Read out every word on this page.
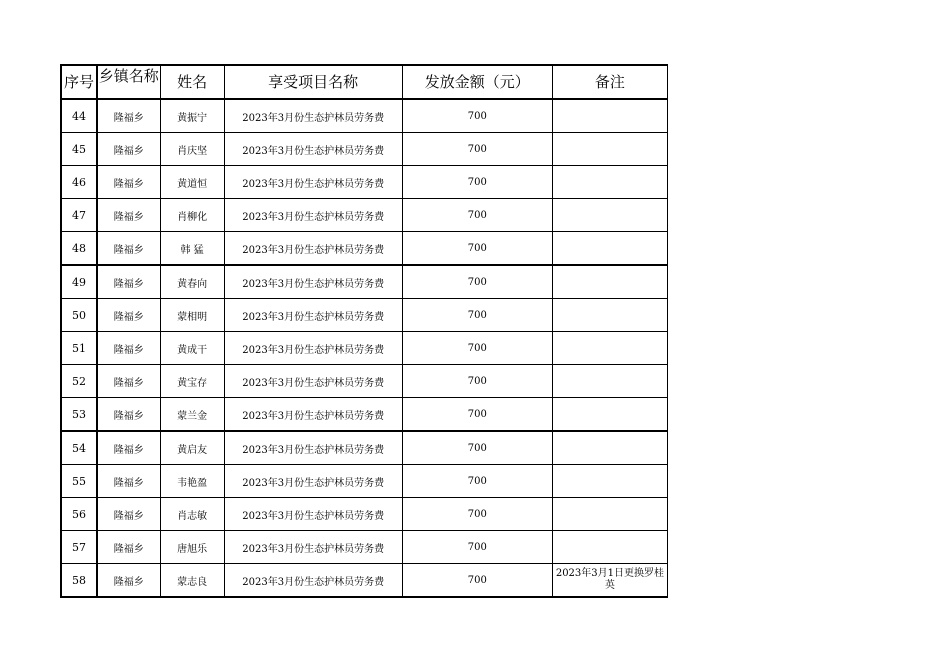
序号	乡镇名称	姓名	享受项目名称	发放金额（元）	备注
44	隆福乡	黄振宁	2023年3月份生态护林员劳务费	700	
45	隆福乡	肖庆坚	2023年3月份生态护林员劳务费	700	
46	隆福乡	黄道恒	2023年3月份生态护林员劳务费	700	
47	隆福乡	肖柳化	2023年3月份生态护林员劳务费	700	
48	隆福乡	韩 猛	2023年3月份生态护林员劳务费	700	
49	隆福乡	黄春向	2023年3月份生态护林员劳务费	700	
50	隆福乡	蒙相明	2023年3月份生态护林员劳务费	700	
51	隆福乡	黄成干	2023年3月份生态护林员劳务费	700	
52	隆福乡	黄宝存	2023年3月份生态护林员劳务费	700	
53	隆福乡	蒙兰金	2023年3月份生态护林员劳务费	700	
54	隆福乡	黄启友	2023年3月份生态护林员劳务费	700	
55	隆福乡	韦艳盈	2023年3月份生态护林员劳务费	700	
56	隆福乡	肖志敏	2023年3月份生态护林员劳务费	700	
57	隆福乡	唐旭乐	2023年3月份生态护林员劳务费	700	
58	隆福乡	蒙志良	2023年3月份生态护林员劳务费	700	2023年3月1日更换罗桂英
